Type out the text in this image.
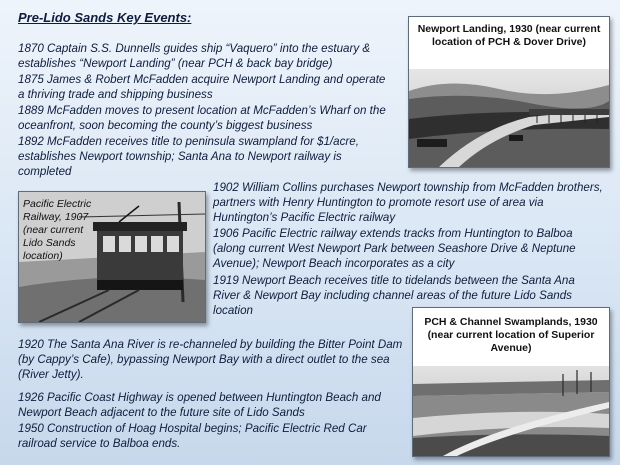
Pre-Lido Sands Key Events:

1870 Captain S.S. Dunnells guides ship “Vaquero” into the estuary & establishes “Newport Landing” (near PCH & back bay bridge)

1875 James & Robert McFadden acquire Newport Landing and operate a thriving trade and shipping business

1889 McFadden moves to present location at McFadden’s Wharf on the oceanfront, soon becoming the county’s biggest business

1892 McFadden receives title to peninsula swampland for $1/acre, establishes Newport township; Santa Ana to Newport railway is completed

1902 William Collins purchases Newport township from McFadden brothers, partners with Henry Huntington to promote resort use of area via Huntington’s Pacific Electric railway

1906 Pacific Electric railway extends tracks from Huntington to Balboa (along current West Newport Park between Seashore Drive & Neptune Avenue); Newport Beach incorporates as a city

1919 Newport Beach receives title to tidelands between the Santa Ana River & Newport Bay including channel areas of the future Lido Sands location

1920 The Santa Ana River is re-channeled by building the Bitter Point Dam (by Cappy’s Cafe), bypassing Newport Bay with a direct outlet to the sea (River Jetty).

1926 Pacific Coast Highway is opened between Huntington Beach and Newport Beach adjacent to the future site of Lido Sands

1950 Construction of Hoag Hospital begins; Pacific Electric Red Car railroad service to Balboa ends.

Newport Landing, 1930 (near current location of PCH & Dover Drive)
Pacific Electric Railway, 1907 (near current Lido Sands location)
PCH & Channel Swamplands, 1930 (near current location of Superior Avenue)
